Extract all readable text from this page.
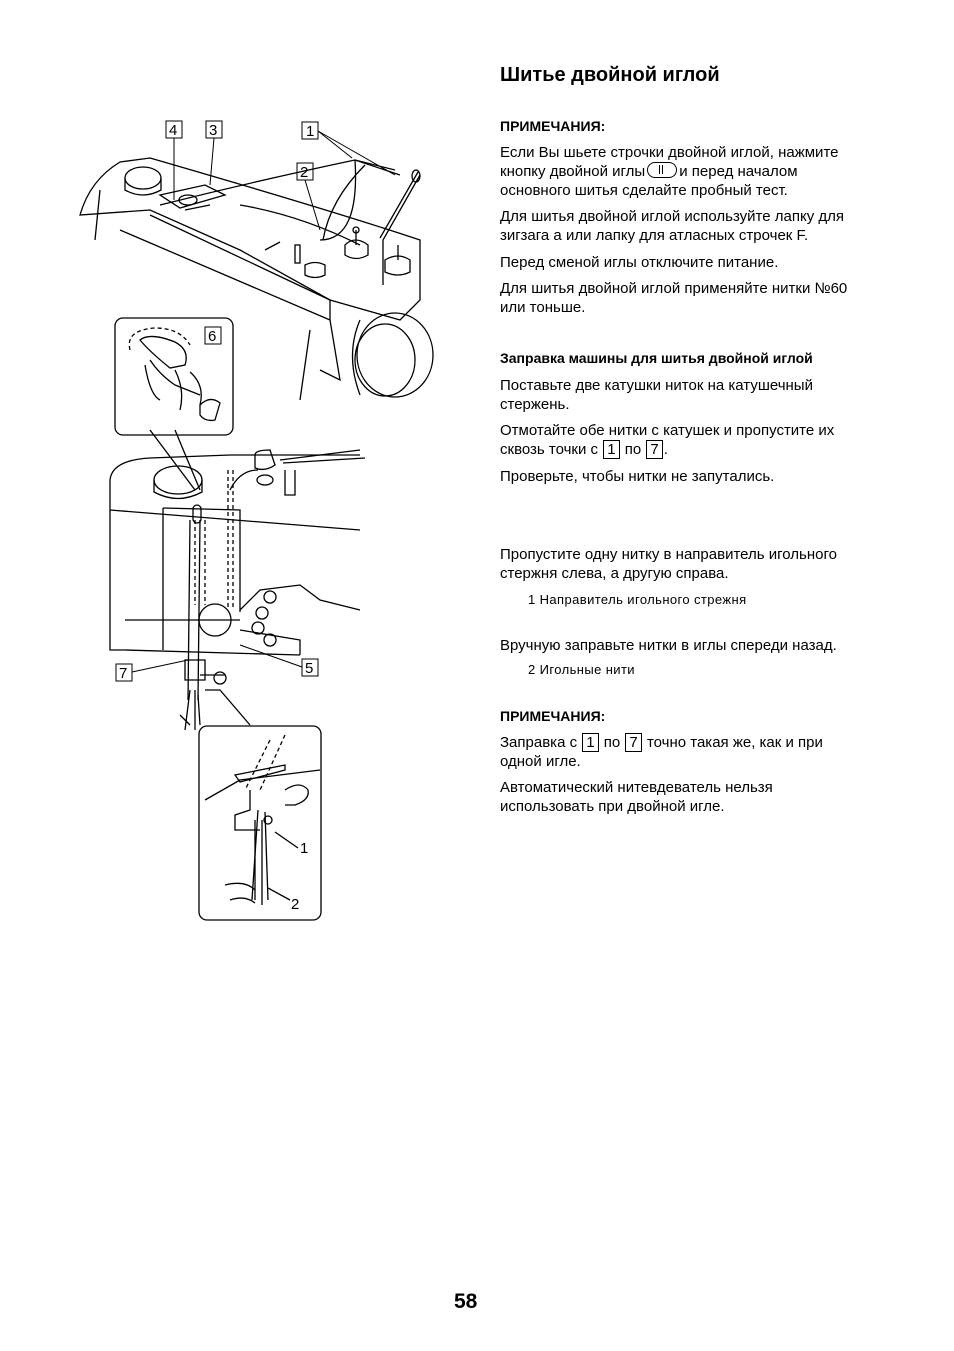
4 3	1
2
6
7	5
1
2
Шитье двойной иглой
ПРИМЕЧАНИЯ:
Если Вы шьете строчки двойной иглой, нажмите
кнопку двойной иглы и перед началом
основного шитья сделайте пробный тест.
Для шитья двойной иглой используйте лапку для
зигзага a или лапку для атласных строчек F.
Перед сменой иглы отключите питание.
Для шитья двойной иглой применяйте нитки №60
или тоньше.
Заправка машины для шитья двойной иглой
Поставьте две катушки ниток на катушечный
стержень.
Отмотайте обе нитки с катушек и пропустите их
сквозь точки с 1 по 7 .
Проверьте, чтобы нитки не запутались.
Пропустите одну нитку в направитель игольного
стержня слева, а другую справа.
1 Направитель игольного стрежня
Вручную заправьте нитки в иглы спереди назад.
2 Игольные нити
ПРИМЕЧАНИЯ:
Заправка с 1 по 7 точно такая же, как и при
одной игле.
Автоматический нитевдеватель нельзя
использовать при двойной игле.
58
